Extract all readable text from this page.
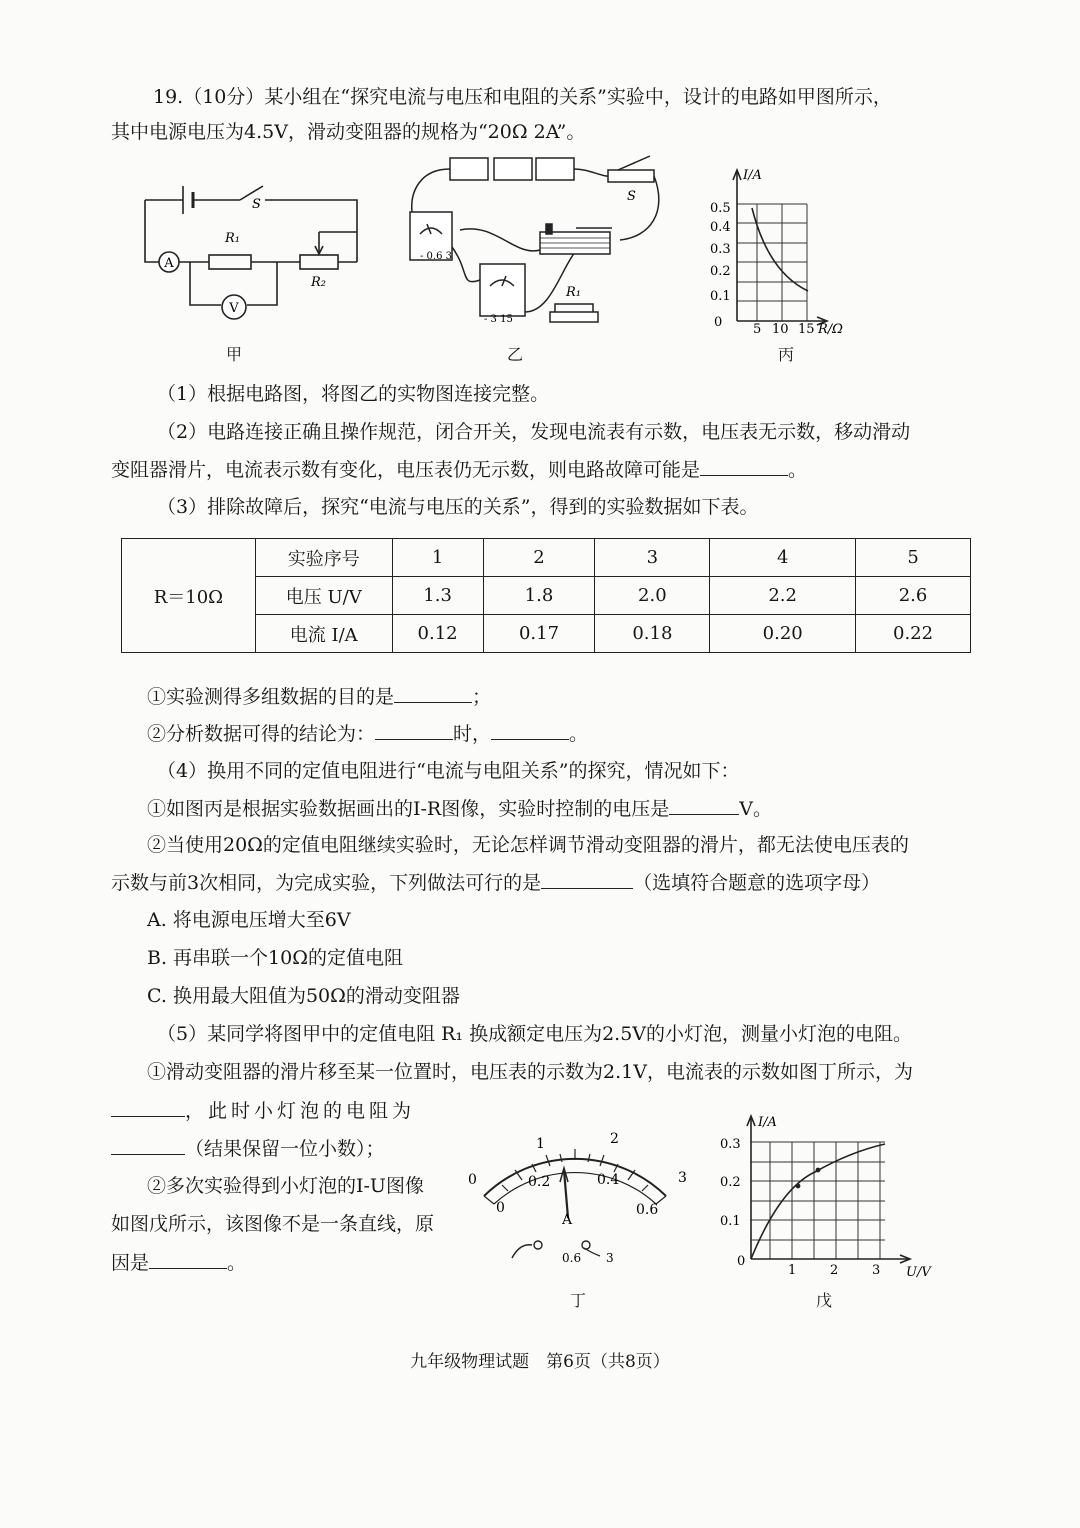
19.（10分）某小组在“探究电流与电压和电阻的关系”实验中，设计的电路如甲图所示，
其中电源电压为4.5V，滑动变阻器的规格为“20Ω 2A”。
A
V
S
R₁
R₂
甲
- 0.6 3
- 3 15
S
R₁
乙
I/A
R/Ω
0.5
0.4
0.3
0.2
0.1
0 5 10 15
丙
（1）根据电路图，将图乙的实物图连接完整。
（2）电路连接正确且操作规范，闭合开关，发现电流表有示数，电压表无示数，移动滑动
变阻器滑片，电流表示数有变化，电压表仍无示数，则电路故障可能是	。
（3）排除故障后，探究“电流与电压的关系”，得到的实验数据如下表。
R＝10Ω	实验序号	1	2	3	4	5
	电压 U/V	1.3	1.8	2.0	2.2	2.6
	电流 I/A	0.12	0.17	0.18	0.20	0.22
①实验测得多组数据的目的是	；
②分析数据可得的结论为：	时，	。
（4）换用不同的定值电阻进行“电流与电阻关系”的探究，情况如下：
①如图丙是根据实验数据画出的I-R图像，实验时控制的电压是	V。
②当使用20Ω的定值电阻继续实验时，无论怎样调节滑动变阻器的滑片，都无法使电压表的
示数与前3次相同，为完成实验，下列做法可行的是	（选填符合题意的选项字母）
A. 将电源电压增大至6V
B. 再串联一个10Ω的定值电阻
C. 换用最大阻值为50Ω的滑动变阻器
（5）某同学将图甲中的定值电阻 R₁ 换成额定电压为2.5V的小灯泡，测量小灯泡的电阻。
①滑动变阻器的滑片移至某一位置时，电压表的示数为2.1V，电流表的示数如图丁所示，为
，此时小灯泡的电阻为
（结果保留一位小数）；
②多次实验得到小灯泡的I-U图像
如图戊所示，该图像不是一条直线，原
因是	。
1	2
0	3
0
0.2	0.4
0.6
A
0.6 3
丁
I/A
U/V
0.3
0.2
0.1
0
1	2	3
戊
九年级物理试题　第6页（共8页）
